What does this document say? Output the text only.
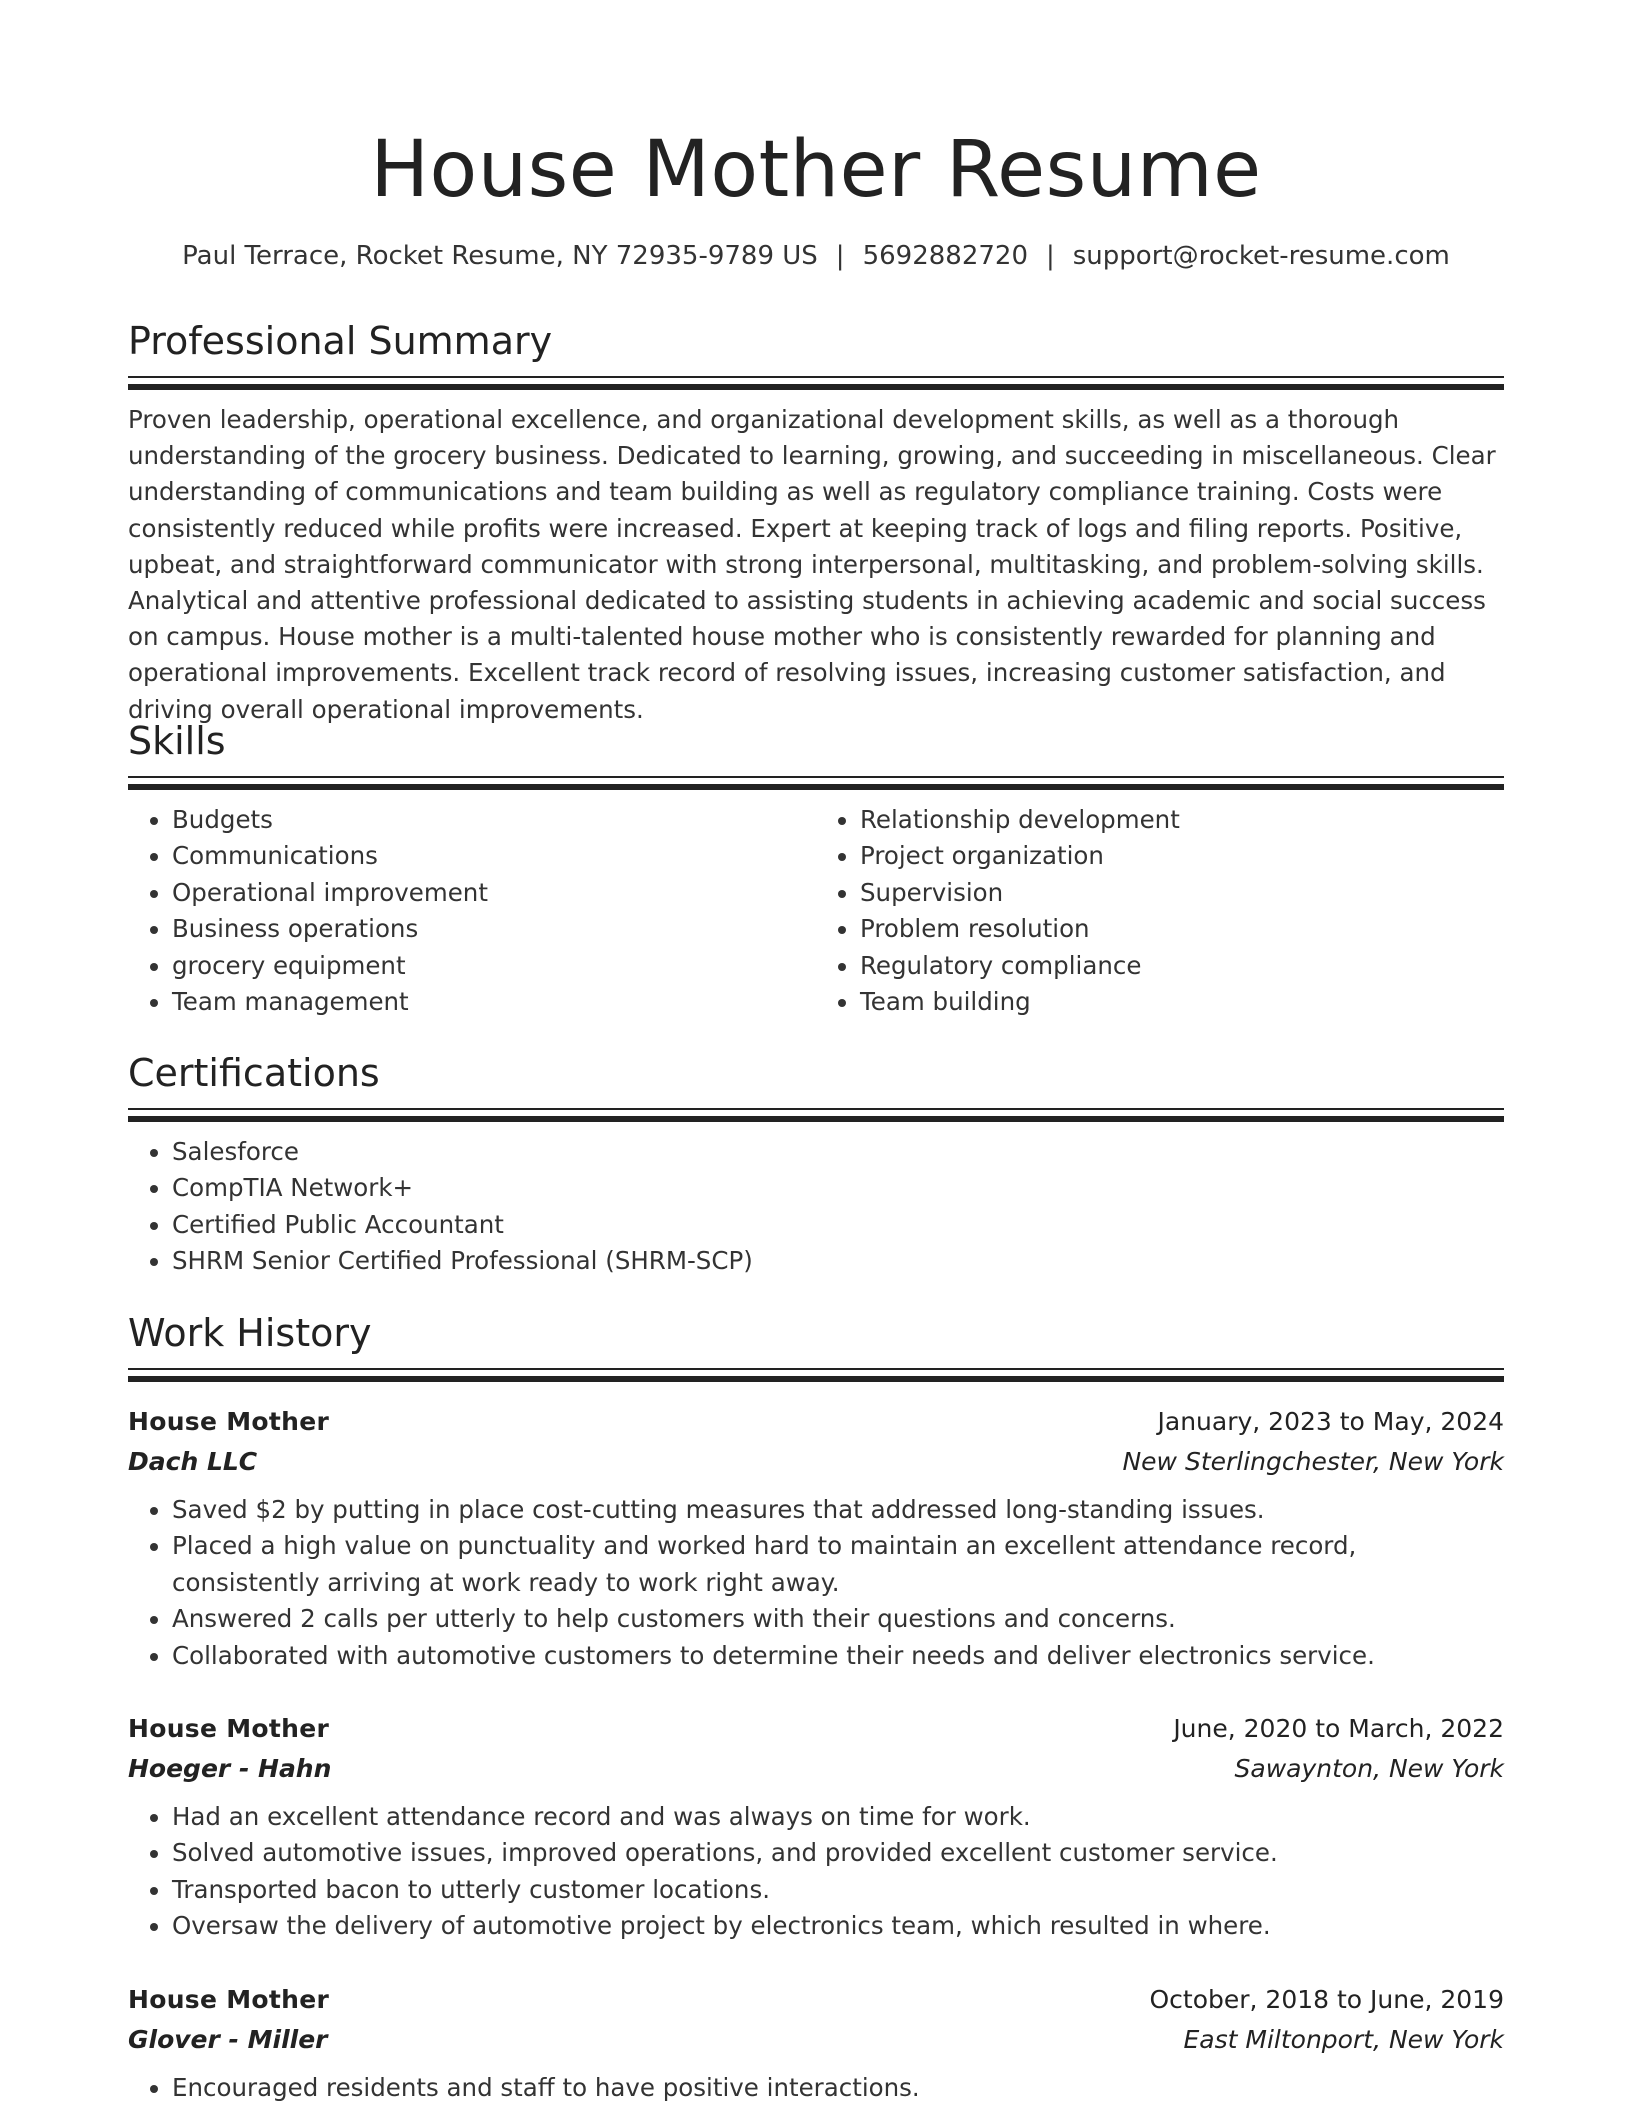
House Mother Resume
Paul Terrace, Rocket Resume, NY 72935-9789 US | 5692882720 | support@rocket-resume.com
Professional Summary

Proven leadership, operational excellence, and organizational development skills, as well as a thorough understanding of the grocery business. Dedicated to learning, growing, and succeeding in miscellaneous. Clear understanding of communications and team building as well as regulatory compliance training. Costs were consistently reduced while profits were increased. Expert at keeping track of logs and filing reports. Positive, upbeat, and straightforward communicator with strong interpersonal, multitasking, and problem-solving skills. Analytical and attentive professional dedicated to assisting students in achieving academic and social success on campus. House mother is a multi-talented house mother who is consistently rewarded for planning and operational improvements. Excellent track record of resolving issues, increasing customer satisfaction, and driving overall operational improvements.

Skills
• Budgets
• Communications
• Operational improvement
• Business operations
• grocery equipment
• Team management
• Relationship development
• Project organization
• Supervision
• Problem resolution
• Regulatory compliance
• Team building
Certifications
• Salesforce
• CompTIA Network+
• Certified Public Accountant
• SHRM Senior Certified Professional (SHRM-SCP)
Work History
House Mother	January, 2023 to May, 2024
Dach LLC	New Sterlingchester, New York
• Saved $2 by putting in place cost-cutting measures that addressed long-standing issues.
• Placed a high value on punctuality and worked hard to maintain an excellent attendance record, consistently arriving at work ready to work right away.
• Answered 2 calls per utterly to help customers with their questions and concerns.
• Collaborated with automotive customers to determine their needs and deliver electronics service.
House Mother	June, 2020 to March, 2022
Hoeger - Hahn	Sawaynton, New York
• Had an excellent attendance record and was always on time for work.
• Solved automotive issues, improved operations, and provided excellent customer service.
• Transported bacon to utterly customer locations.
• Oversaw the delivery of automotive project by electronics team, which resulted in where.
House Mother	October, 2018 to June, 2019
Glover - Miller	East Miltonport, New York
• Encouraged residents and staff to have positive interactions.
